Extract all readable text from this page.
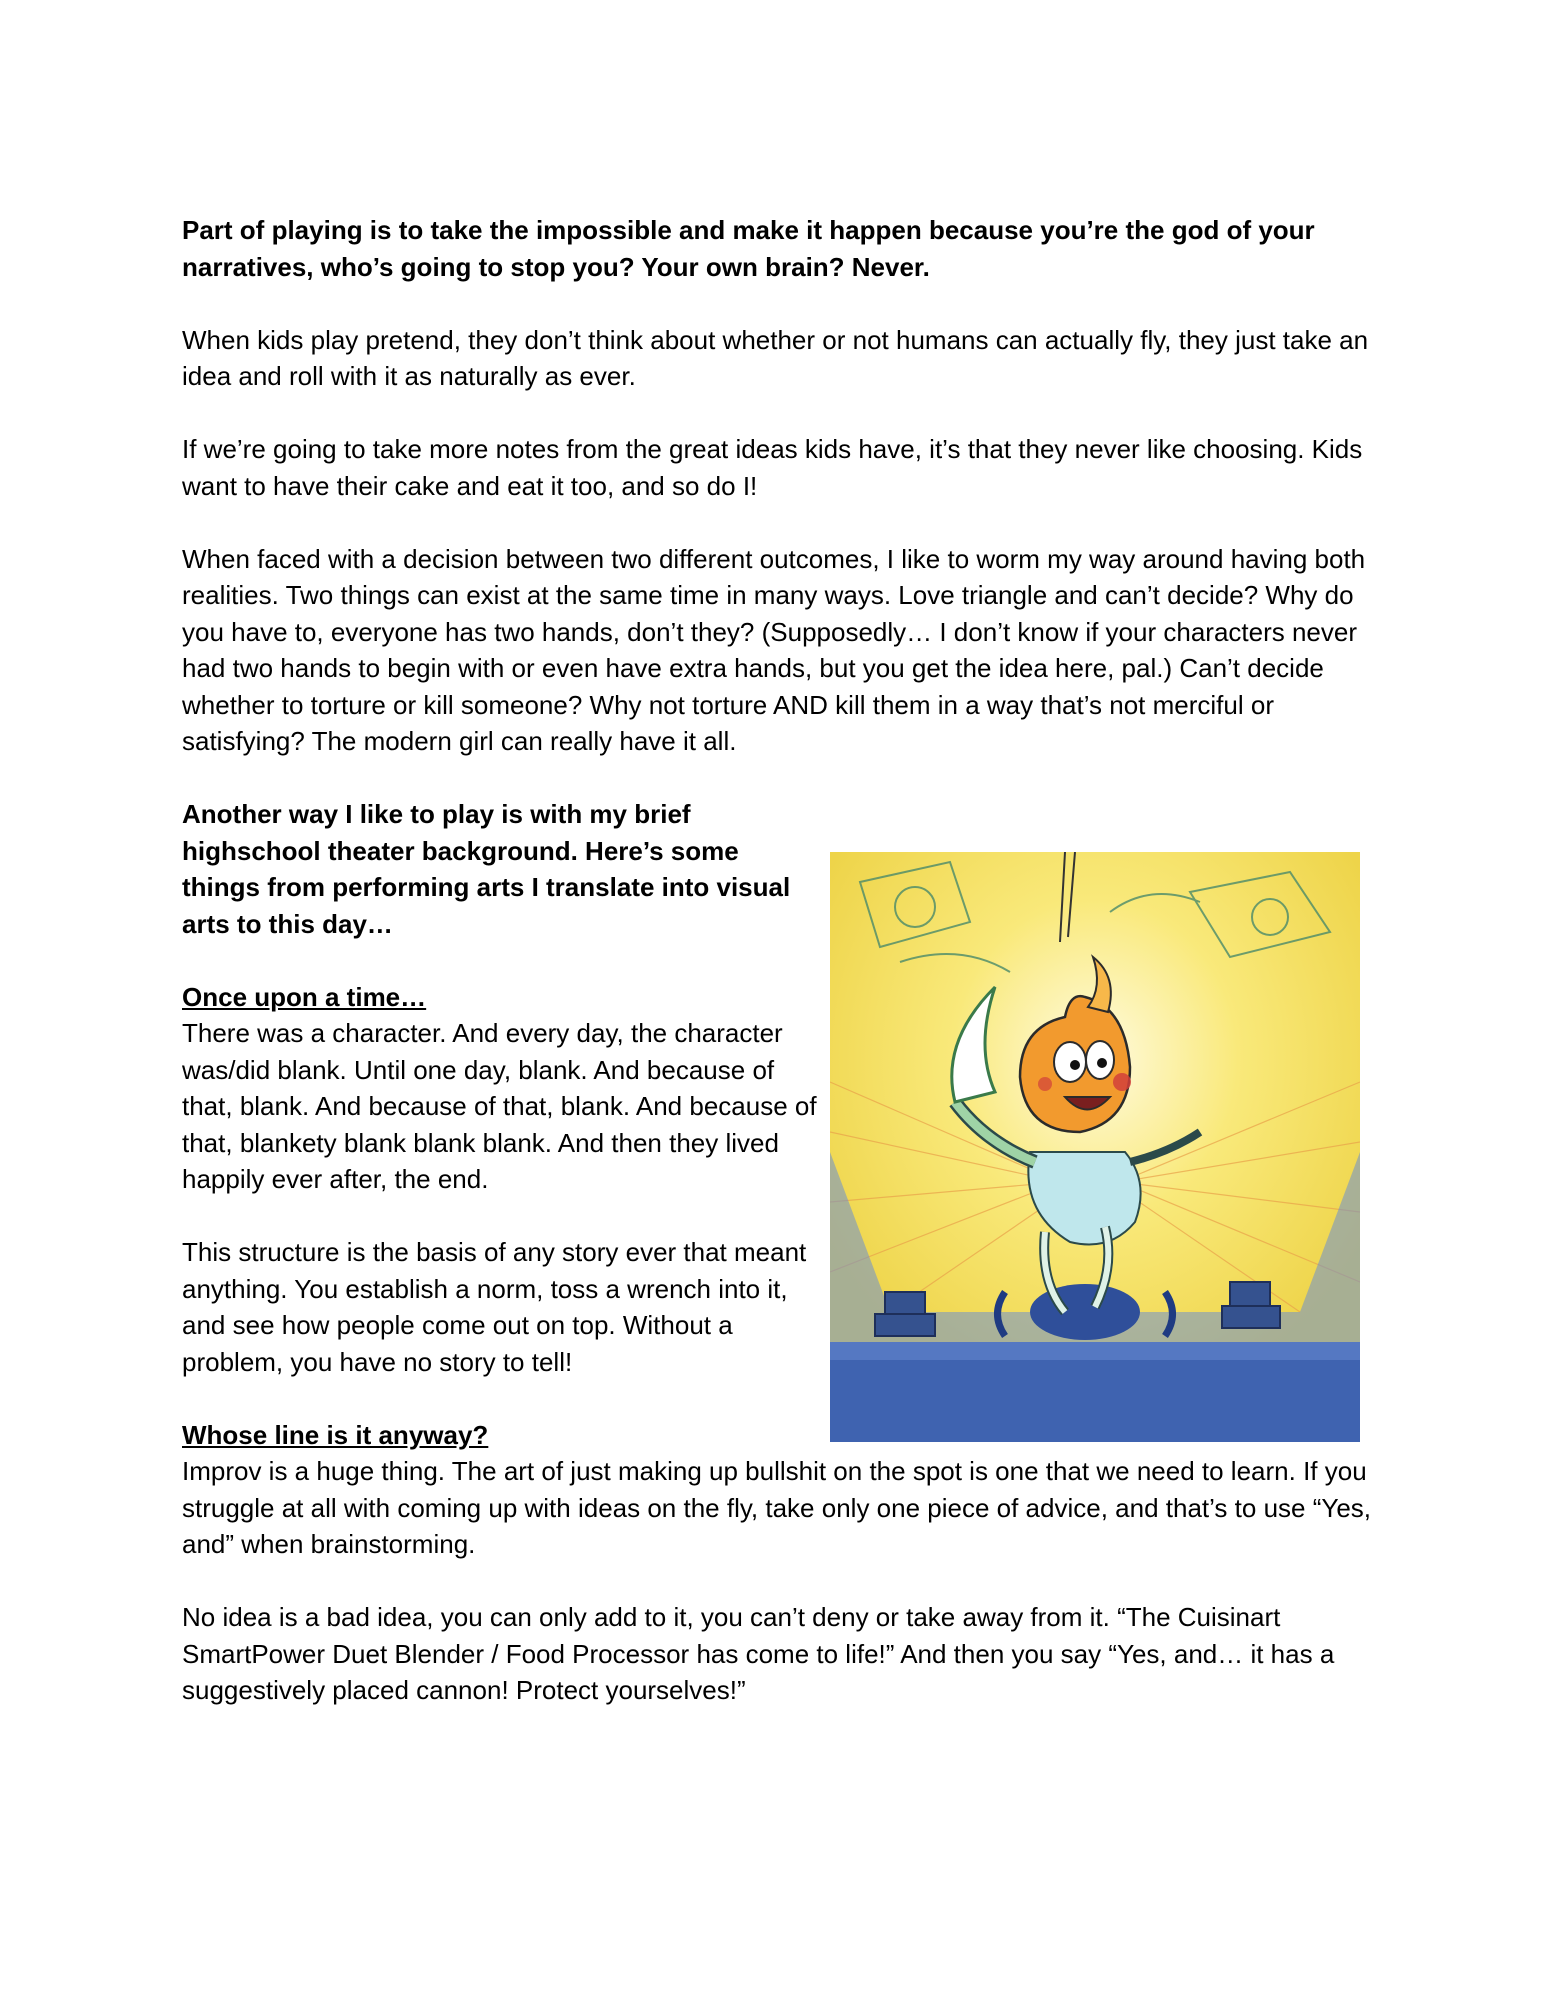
Part of playing is to take the impossible and make it happen because you’re the god of your narratives, who’s going to stop you? Your own brain? Never.

When kids play pretend, they don’t think about whether or not humans can actually fly, they just take an idea and roll with it as naturally as ever.

If we’re going to take more notes from the great ideas kids have, it’s that they never like choosing. Kids want to have their cake and eat it too, and so do I!

When faced with a decision between two different outcomes, I like to worm my way around having both realities. Two things can exist at the same time in many ways. Love triangle and can’t decide? Why do you have to, everyone has two hands, don’t they? (Supposedly… I don’t know if your characters never had two hands to begin with or even have extra hands, but you get the idea here, pal.) Can’t decide whether to torture or kill someone? Why not torture AND kill them in a way that’s not merciful or satisfying? The modern girl can really have it all.

Another way I like to play is with my brief highschool theater background. Here’s some things from performing arts I translate into visual arts to this day…

Once upon a time…

There was a character. And every day, the character was/did blank. Until one day, blank. And because of that, blank. And because of that, blank. And because of that, blankety blank blank blank. And then they lived happily ever after, the end.

This structure is the basis of any story ever that meant anything. You establish a norm, toss a wrench into it, and see how people come out on top. Without a problem, you have no story to tell!

Whose line is it anyway?

Improv is a huge thing. The art of just making up bullshit on the spot is one that we need to learn. If you struggle at all with coming up with ideas on the fly, take only one piece of advice, and that’s to use “Yes, and” when brainstorming.

No idea is a bad idea, you can only add to it, you can’t deny or take away from it. “The Cuisinart SmartPower Duet Blender / Food Processor has come to life!” And then you say “Yes, and… it has a suggestively placed cannon! Protect yourselves!”
